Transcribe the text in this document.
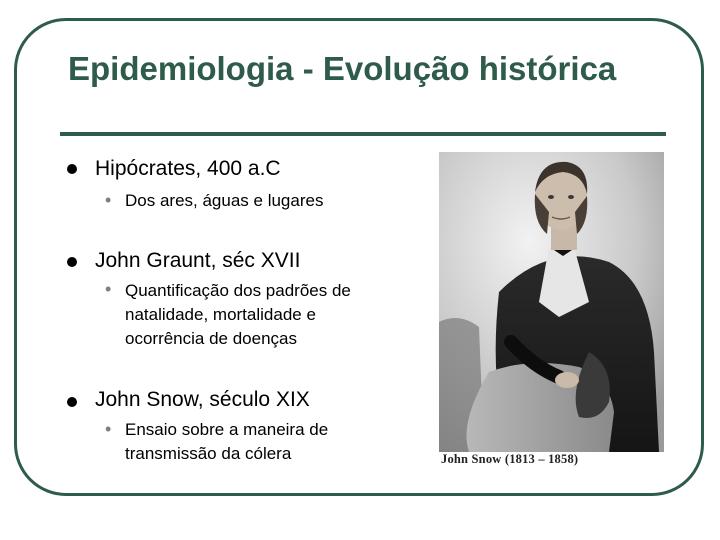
Epidemiologia - Evolução histórica
Hipócrates, 400 a.C
• Dos ares, águas e lugares
John Graunt, séc XVII
• Quantificação dos padrões de natalidade, mortalidade e ocorrência de doenças
John Snow, século XIX
• Ensaio sobre a maneira de transmissão da cólera	John Snow (1813 – 1858)
